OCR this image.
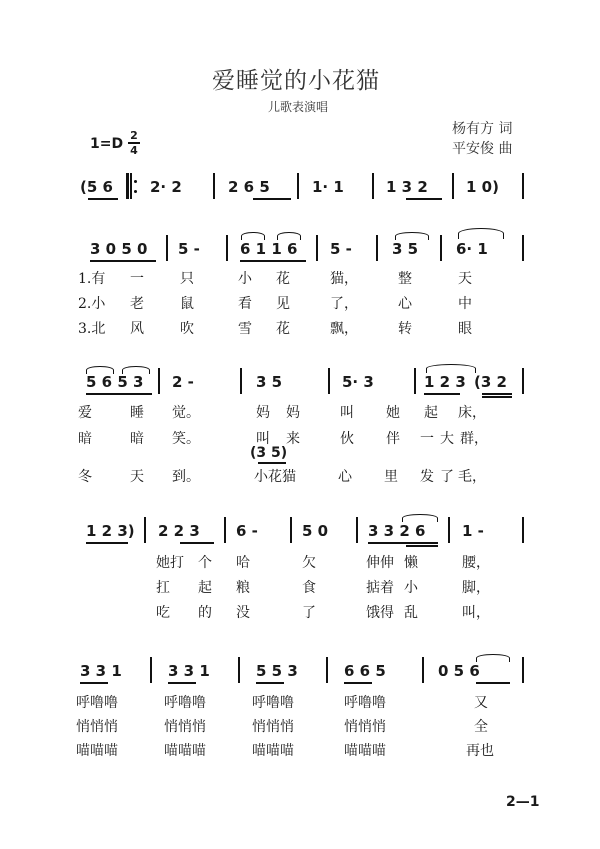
爱睡觉的小花猫
儿歌表演唱
杨有方 词
平安俊 曲
1=D
2
4
(5 6 2· 2	2 6 5	1· 1	1 3 2	1 0)
3 0 5 0 5 -	6 1 1 6 5 -	3 5	6· 1
1.有 一	只	小 花	猫，	整	天
2.小 老	鼠	看 见	了，	心	中
3.北 风	吹	雪 花	飘，	转	眼
5 6 5 3 2 -	3 5	5· 3	1 2 3 (3 2
爱	睡 觉。	妈 妈	叫 她 起 床，
暗	暗 笑。	叫 来	伙 伴 一 大 群，
(3 5)
冬	天 到。	小花猫	心 里 发 了 毛，
1 2 3) 2 2 3 6 -	5 0	3 3 2 6 1 -
她打 个 哈	欠	伸伸 懒	腰，
扛 起 粮	食	掂着 小	脚，
吃 的 没	了	饿得 乱	叫，
3 3 1	3 3 1	5 5 3	6 6 5	0 5 6
呼噜噜	呼噜噜	呼噜噜	呼噜噜	又
悄悄悄	悄悄悄	悄悄悄	悄悄悄	全
喵喵喵	喵喵喵	喵喵喵	喵喵喵	再也
2—1
